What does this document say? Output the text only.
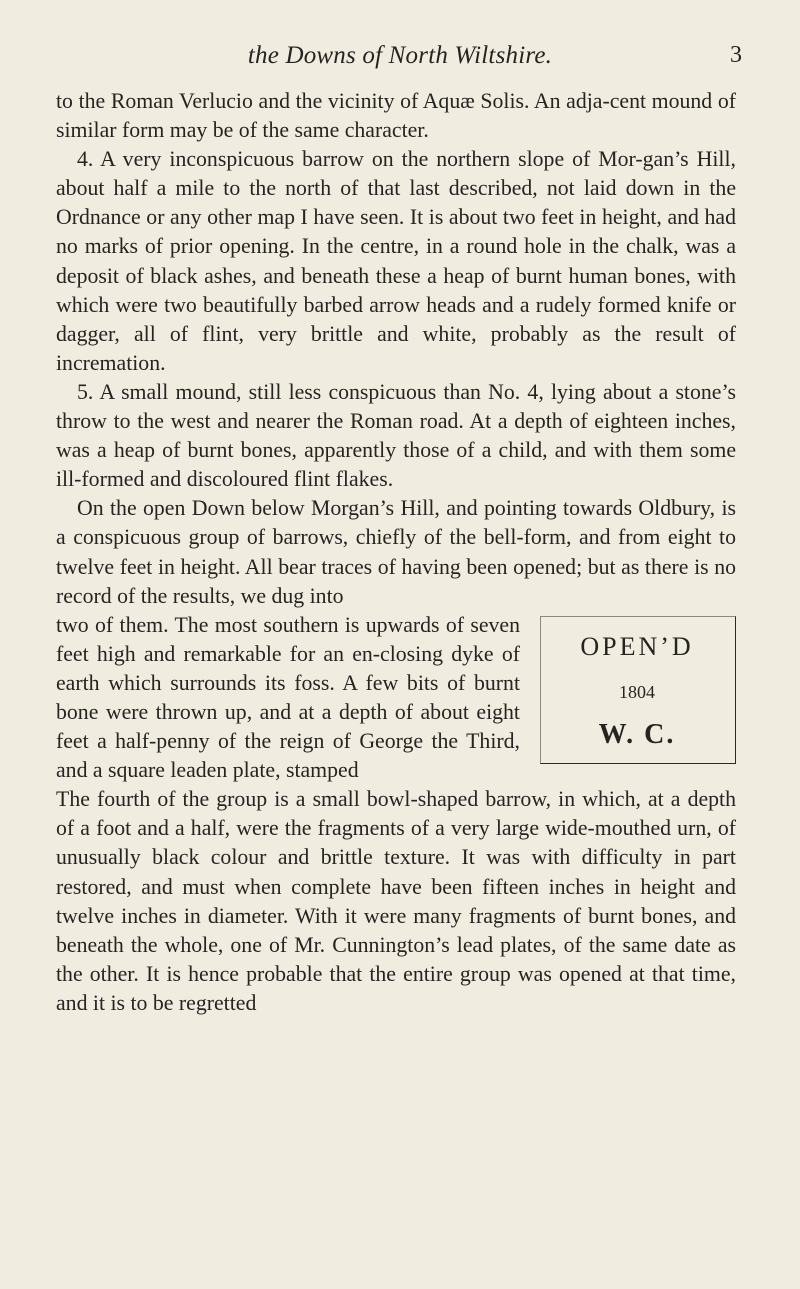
the Downs of North Wiltshire.	3

to the Roman Verlucio and the vicinity of Aquæ Solis. An adja-cent mound of similar form may be of the same character.

4. A very inconspicuous barrow on the northern slope of Mor-gan’s Hill, about half a mile to the north of that last described, not laid down in the Ordnance or any other map I have seen. It is about two feet in height, and had no marks of prior opening. In the centre, in a round hole in the chalk, was a deposit of black ashes, and beneath these a heap of burnt human bones, with which were two beautifully barbed arrow heads and a rudely formed knife or dagger, all of flint, very brittle and white, probably as the result of incremation.

5. A small mound, still less conspicuous than No. 4, lying about a stone’s throw to the west and nearer the Roman road. At a depth of eighteen inches, was a heap of burnt bones, apparently those of a child, and with them some ill-formed and discoloured flint flakes.

On the open Down below Morgan’s Hill, and pointing towards Oldbury, is a conspicuous group of barrows, chiefly of the bell-form, and from eight to twelve feet in height. All bear traces of having been opened; but as there is no record of the results, we dug into

OPEN’D
1804
W. C.

two of them. The most southern is upwards of seven feet high and remarkable for an en-closing dyke of earth which surrounds its foss. A few bits of burnt bone were thrown up, and at a depth of about eight feet a half-penny of the reign of George the Third, and a square leaden plate, stamped

The fourth of the group is a small bowl-shaped barrow, in which, at a depth of a foot and a half, were the fragments of a very large wide-mouthed urn, of unusually black colour and brittle texture. It was with difficulty in part restored, and must when complete have been fifteen inches in height and twelve inches in diameter. With it were many fragments of burnt bones, and beneath the whole, one of Mr. Cunnington’s lead plates, of the same date as the other. It is hence probable that the entire group was opened at that time, and it is to be regretted
